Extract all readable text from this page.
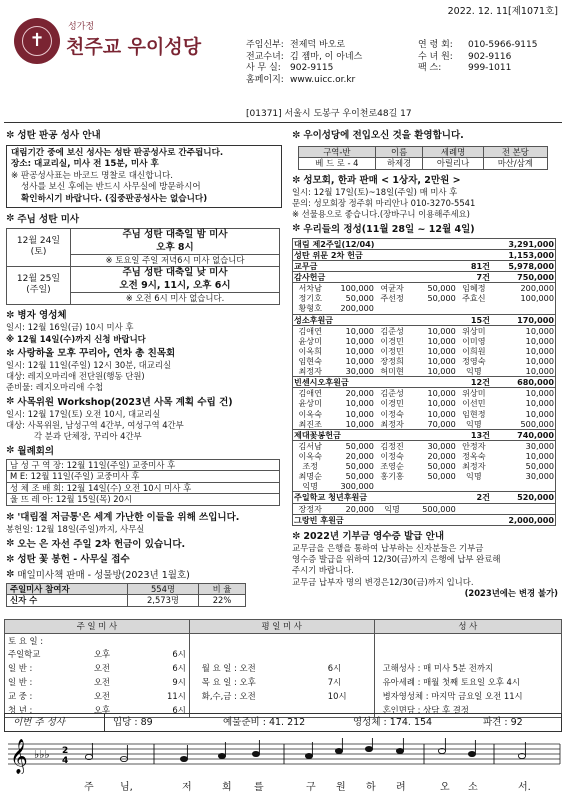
2022. 12. 11[제1071호]
✝
성가정
천주교 우이성당	주임신부: 전제덕 바오로	연 령 회:	010-5966-9115
전교수녀: 김 젬마, 이 아네스	수 녀 원:	902-9116
사 무 실:	902-9115	팩 스:	999-1011
홈페이지: www.uicc.or.kr
[01371] 서울시 도봉구 우이천로48길 17
✼ 성탄 판공 성사 안내

대림기간 중에 보신 성사는 성탄 판공성사로 간주됩니다.

장소: 대교리실, 미사 전 15분, 미사 후

※ 판공성사표는 바코드 명찰로 대신합니다.

성사를 보신 후에는 반드시 사무실에 방문하시어

확인하시기 바랍니다. (집중판공성사는 없습니다)

✼ 주님 성탄 미사
12월 24일
(토)	주님 성탄 대축일 밤 미사
	오후 8시
	※ 토요일 주일 저녁6시 미사 없습니다
12월 25일
(주일)	주님 성탄 대축일 낮 미사
	오전 9시, 11시, 오후 6시
	※ 오전 6시 미사 없습니다.
✼ 병자 영성체

일시: 12월 16일(금) 10시 미사 후

※ 12월 14일(수)까지 신청 바랍니다

✼ 사랑하올 모후 꾸리아, 연차 총 친목회

일시: 12월 11일(주일) 12시 30분, 대교리실

대상: 레지오마리애 전단원(행동 단원)

준비물: 레지오마리애 수첩

✼ 사목위원 Workshop(2023년 사목 계획 수립 건)

일시: 12월 17일(토) 오전 10시, 대교리실

대상: 사목위원, 남성구역 4간부, 여성구역 4간부

각 분과 단체장, 꾸리아 4간부

✼ 월례회의
남 성 구 역 장: 12월 11일(주일) 교중미사 후
M E: 12월 11일(주일) 교중미사 후
성 체 조 배 회: 12월 14일(수) 오전 10시 미사 후
울 뜨 레 아: 12월 15일(목) 20시
✼ '대림절 저금통'은 세계 가난한 이들을 위해 쓰입니다.

봉헌일: 12월 18일(주일)까지, 사무실

✼ 오는 은 자선 주일 2차 헌금이 있습니다.
✼ 성탄 꽃 봉헌 - 사무실 접수
✼ 매일미사책 판매 - 성물방(2023년 1월호)
주일미사 참여자	554명	비 율
신자 수	2,573명	22%
✼ 우이성당에 전입오신 것을 환영합니다.
구역-반	이름	세례명	전 본당
베 드 로 - 4	하제경	아릴리나	마산/삼계
✼ 성모회, 한과 판매 < 1상자, 2만원 >

일시: 12월 17일(토)~18일(주일) 매 미사 후

문의: 성모회장 정주휘 마리안나 010-3270-5541

※ 선물용으로 좋습니다.(장바구니 이용해주세요)

✼ 우리들의 정성(11월 28일 ~ 12월 4일)
대림 제2주일(12/04)				3,291,000	
성탄 위문 2차 헌금				1,153,000	
교무금			81건		5,978,000
감사헌금			7건		750,000
서차남	100,000	여균자	50,000	임혜정	200,000
정기호	50,000	주선정	50,000	주효신	100,000
황형호	200,000				
성소후원금			15건		170,000
김애연	10,000	김준성	10,000	위상미	10,000
윤상미	10,000	이경민	10,000	이미영	10,000
이옥희	10,000	이정민	10,000	이희원	10,000
임현숙	10,000	장정희	10,000	정영숙	10,000
최정자	30,000	허미현	10,000	익명	10,000
빈센시오후원금			12건		680,000
김애연	20,000	김준성	10,000	위상미	10,000
윤상미	10,000	이경민	10,000	이선민	10,000
이옥숙	10,000	이정숙	10,000	임현정	10,000
최진조	10,000	최정자	70,000	익명	500,000
제대꽃봉헌금			13건		740,000
김서남	50,000	김정진	30,000	안정자	30,000
이옥숙	20,000	이정숙	20,000	정옥숙	10,000
조정	50,000	조영순	50,000	최정자	50,000
최명순	50,000	홍기홍	50,000	익명	30,000
익명	300,000				
주일학교 청년후원금			2건		520,000
장정자	20,000	익명	500,000		
그랑빈 후원금					2,000,000
✼ 2022년 기부금 영수증 발급 안내

교무금을 은행을 통하여 납부하는 신자분들은 기부금

영수증 발급을 위하여 12/30(금)까지 은행에 납부 완료해

주시기 바랍니다.

교무금 납부자 명의 변경은12/30(금)까지 입니다.

(2023년에는 변경 불가)

주 일 미 사			평 일 미 사		성 사
토 요 일 :					
주일학교	오후	6시			
일 반 :	오전	6시	월 요 일 : 오전	6시	고해성사 : 매 미사 5분 전까지
일 반 :	오전	9시	목 요 일 : 오후	7시	유아세례 : 매월 첫째 토요일 오후 4시
교 중 :	오전	11시	화,수,금 : 오전	10시	병자영성체 : 마지막 금요일 오전 11시
청 년 :	오후	6시			혼인면담 : 상담 후 결정
이번 주 성사	입당 : 89	예물준비 : 41. 212	영성체 : 174. 154	파견 : 92
𝄞 ♭♭♭ 2
4
주	님,	저	희 를	구 원 하 려	오 소	서.
